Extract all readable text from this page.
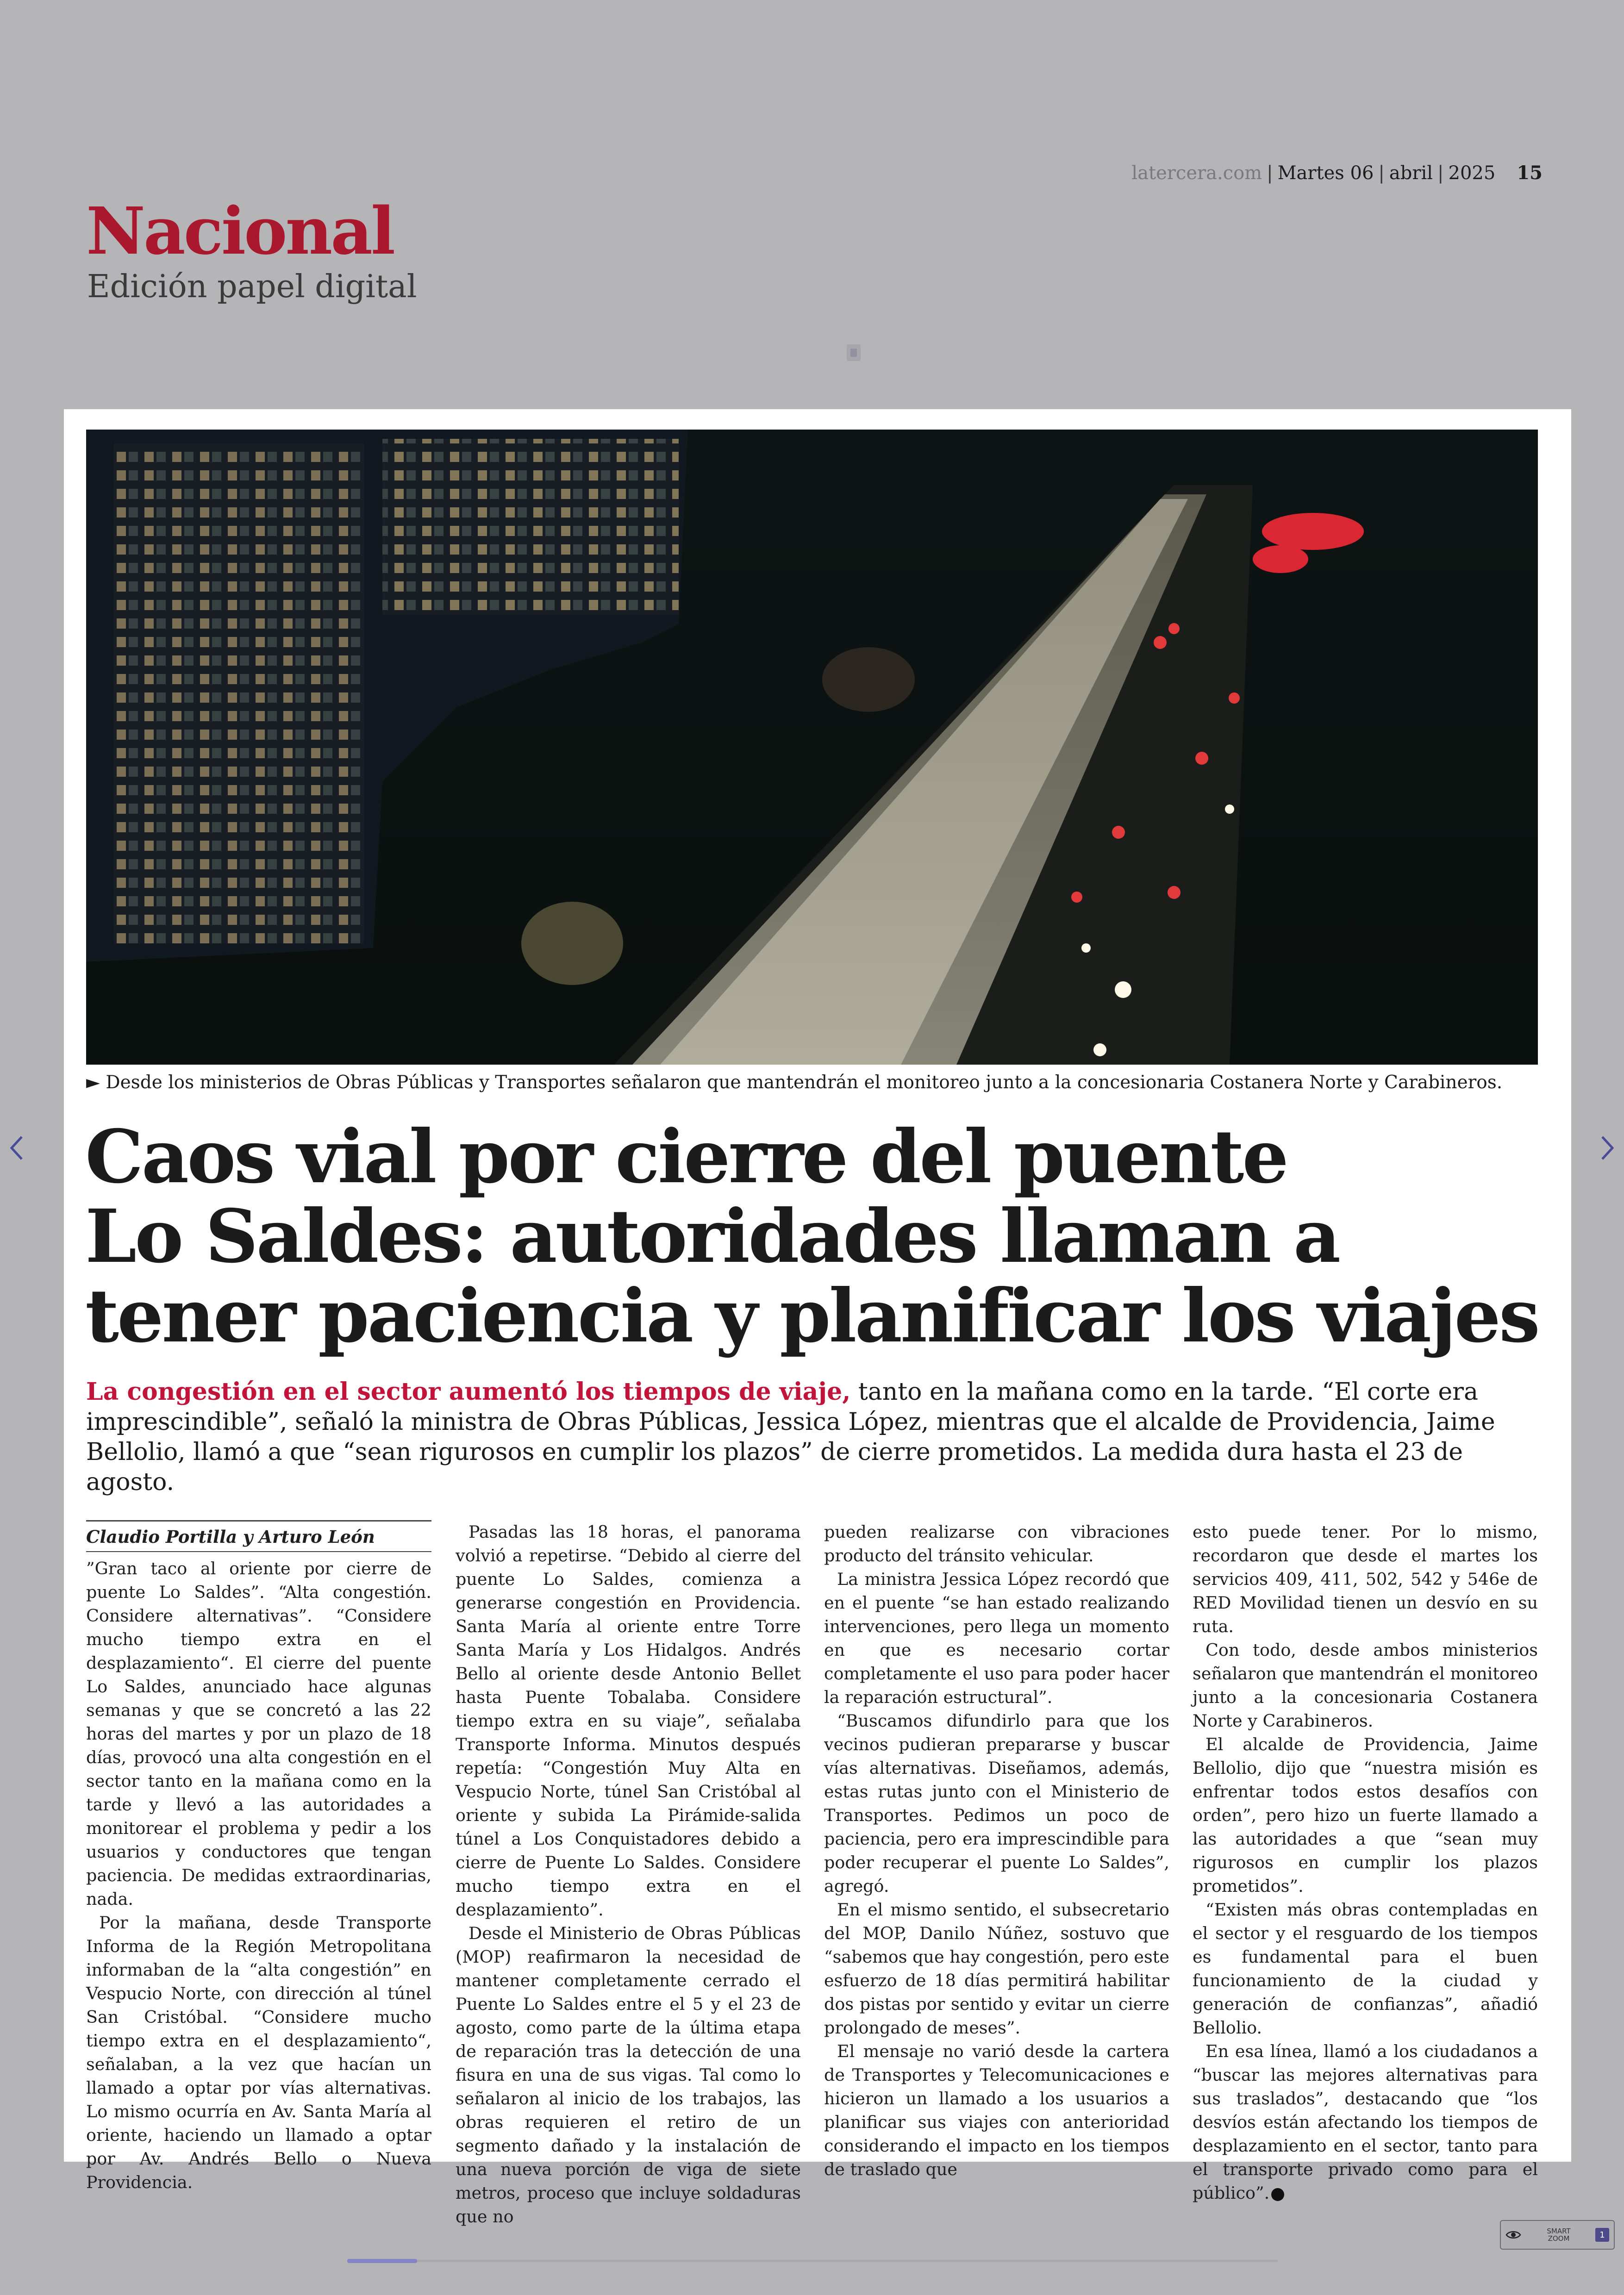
latercera.com | Martes 06 | abril | 2025 15
Nacional
Edición papel digital
► Desde los ministerios de Obras Públicas y Transportes señalaron que mantendrán el monitoreo junto a la concesionaria Costanera Norte y Carabineros.
Caos vial por cierre del puente
Lo Saldes: autoridades llaman a
tener paciencia y planificar los viajes

La congestión en el sector aumentó los tiempos de viaje, tanto en la mañana como en la tarde. “El corte era imprescindible”, señaló la ministra de Obras Públicas, Jessica López, mientras que el alcalde de Providencia, Jaime Bellolio, llamó a que “sean rigurosos en cumplir los plazos” de cierre prometidos. La medida dura hasta el 23 de agosto.

Claudio Portilla y Arturo León

”Gran taco al oriente por cierre de puente Lo Saldes”. “Alta congestión. Considere alternativas”. “Considere mucho tiempo extra en el desplazamiento“. El cierre del puente Lo Saldes, anunciado hace algunas semanas y que se concretó a las 22 horas del martes y por un plazo de 18 días, provocó una alta congestión en el sector tanto en la mañana como en la tarde y llevó a las autoridades a monitorear el problema y pedir a los usuarios y conductores que tengan paciencia. De medidas extraordinarias, nada.

Por la mañana, desde Transporte Informa de la Región Metropolitana informaban de la “alta congestión” en Vespucio Norte, con dirección al túnel San Cristóbal. “Considere mucho tiempo extra en el desplazamiento“, señalaban, a la vez que hacían un llamado a optar por vías alternativas. Lo mismo ocurría en Av. Santa María al oriente, haciendo un llamado a optar por Av. Andrés Bello o Nueva Providencia.

Pasadas las 18 horas, el panorama volvió a repetirse. “Debido al cierre del puente Lo Saldes, comienza a generarse congestión en Providencia. Santa María al oriente entre Torre Santa María y Los Hidalgos. Andrés Bello al oriente desde Antonio Bellet hasta Puente Tobalaba. Considere tiempo extra en su viaje”, señalaba Transporte Informa. Minutos después repetía: “Congestión Muy Alta en Vespucio Norte, túnel San Cristóbal al oriente y subida La Pirámide-salida túnel a Los Conquistadores debido a cierre de Puente Lo Saldes. Considere mucho tiempo extra en el desplazamiento”.

Desde el Ministerio de Obras Públicas (MOP) reafirmaron la necesidad de mantener completamente cerrado el Puente Lo Saldes entre el 5 y el 23 de agosto, como parte de la última etapa de reparación tras la detección de una fisura en una de sus vigas. Tal como lo señalaron al inicio de los trabajos, las obras requieren el retiro de un segmento dañado y la instalación de una nueva porción de viga de siete metros, proceso que incluye soldaduras que no

pueden realizarse con vibraciones producto del tránsito vehicular.

La ministra Jessica López recordó que en el puente “se han estado realizando intervenciones, pero llega un momento en que es necesario cortar completamente el uso para poder hacer la reparación estructural”.

“Buscamos difundirlo para que los vecinos pudieran prepararse y buscar vías alternativas. Diseñamos, además, estas rutas junto con el Ministerio de Transportes. Pedimos un poco de paciencia, pero era imprescindible para poder recuperar el puente Lo Saldes”, agregó.

En el mismo sentido, el subsecretario del MOP, Danilo Núñez, sostuvo que “sabemos que hay congestión, pero este esfuerzo de 18 días permitirá habilitar dos pistas por sentido y evitar un cierre prolongado de meses”.

El mensaje no varió desde la cartera de Transportes y Telecomunicaciones e hicieron un llamado a los usuarios a planificar sus viajes con anterioridad considerando el impacto en los tiempos de traslado que

esto puede tener. Por lo mismo, recordaron que desde el martes los servicios 409, 411, 502, 542 y 546e de RED Movilidad tienen un desvío en su ruta.

Con todo, desde ambos ministerios señalaron que mantendrán el monitoreo junto a la concesionaria Costanera Norte y Carabineros.

El alcalde de Providencia, Jaime Bellolio, dijo que “nuestra misión es enfrentar todos estos desafíos con orden”, pero hizo un fuerte llamado a las autoridades a que “sean muy rigurosos en cumplir los plazos prometidos”.

“Existen más obras contempladas en el sector y el resguardo de los tiempos es fundamental para el buen funcionamiento de la ciudad y generación de confianzas”, añadió Bellolio.

En esa línea, llamó a los ciudadanos a “buscar las mejores alternativas para sus traslados”, destacando que “los desvíos están afectando los tiempos de desplazamiento en el sector, tanto para el transporte privado como para el público”.

SMART ZOOM	1
